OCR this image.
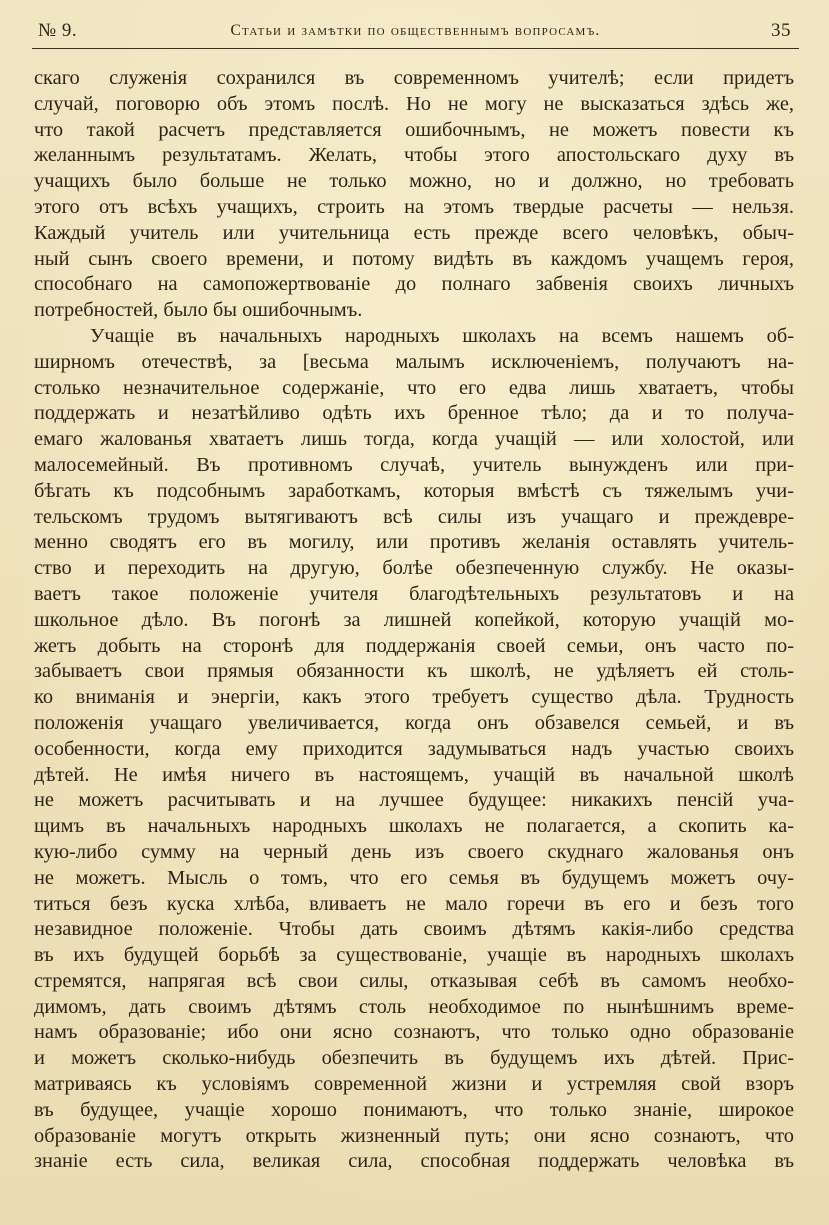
№ 9.	Статьи и замѣтки по общественнымъ вопросамъ.	35
скаго служенія сохранился въ современномъ учителѣ; если придетъ
случай, поговорю объ этомъ послѣ. Но не могу не высказаться здѣсь же,
что такой расчетъ представляется ошибочнымъ, не можетъ повести къ
желаннымъ результатамъ. Желать, чтобы этого апостольскаго духу въ
учащихъ было больше не только можно, но и должно, но требовать
этого отъ всѣхъ учащихъ, строить на этомъ твердые расчеты — нельзя.
Каждый учитель или учительница есть прежде всего человѣкъ, обыч-
ный сынъ своего времени, и потому видѣть въ каждомъ учащемъ героя,
способнаго на самопожертвованіе до полнаго забвенія своихъ личныхъ
потребностей, было бы ошибочнымъ.
Учащіе въ начальныхъ народныхъ школахъ на всемъ нашемъ об-
ширномъ отечествѣ, за [весьма малымъ исключеніемъ, получаютъ на-
столько незначительное содержаніе, что его едва лишь хватаетъ, чтобы
поддержать и незатѣйливо одѣть ихъ бренное тѣло; да и то получа-
емаго жалованья хватаетъ лишь тогда, когда учащій — или холостой, или
малосемейный. Въ противномъ случаѣ, учитель вынужденъ или при-
бѣгать къ подсобнымъ заработкамъ, которыя вмѣстѣ съ тяжелымъ учи-
тельскомъ трудомъ вытягиваютъ всѣ силы изъ учащаго и преждевре-
менно сводятъ его въ могилу, или противъ желанія оставлять учитель-
ство и переходить на другую, болѣе обезпеченную службу. Не оказы-
ваетъ такое положеніе учителя благодѣтельныхъ результатовъ и на
школьное дѣло. Въ погонѣ за лишней копейкой, которую учащій мо-
жетъ добыть на сторонѣ для поддержанія своей семьи, онъ часто по-
забываетъ свои прямыя обязанности къ школѣ, не удѣляетъ ей столь-
ко вниманія и энергіи, какъ этого требуетъ существо дѣла. Трудность
положенія учащаго увеличивается, когда онъ обзавелся семьей, и въ
особенности, когда ему приходится задумываться надъ участью своихъ
дѣтей. Не имѣя ничего въ настоящемъ, учащій въ начальной школѣ
не можетъ расчитывать и на лучшее будущее: никакихъ пенсій уча-
щимъ въ начальныхъ народныхъ школахъ не полагается, а скопить ка-
кую-либо сумму на черный день изъ своего скуднаго жалованья онъ
не можетъ. Мысль о томъ, что его семья въ будущемъ можетъ очу-
титься безъ куска хлѣба, вливаетъ не мало горечи въ его и безъ того
незавидное положеніе. Чтобы дать своимъ дѣтямъ какія-либо средства
въ ихъ будущей борьбѣ за существованіе, учащіе въ народныхъ школахъ
стремятся, напрягая всѣ свои силы, отказывая себѣ въ самомъ необхо-
димомъ, дать своимъ дѣтямъ столь необходимое по нынѣшнимъ време-
намъ образованіе; ибо они ясно сознаютъ, что только одно образованіе
и можетъ сколько-нибудь обезпечить въ будущемъ ихъ дѣтей. Прис-
матриваясь къ условіямъ современной жизни и устремляя свой взоръ
въ будущее, учащіе хорошо понимаютъ, что только знаніе, широкое
образованіе могутъ открыть жизненный путь; они ясно сознаютъ, что
знаніе есть сила, великая сила, способная поддержать человѣка въ
